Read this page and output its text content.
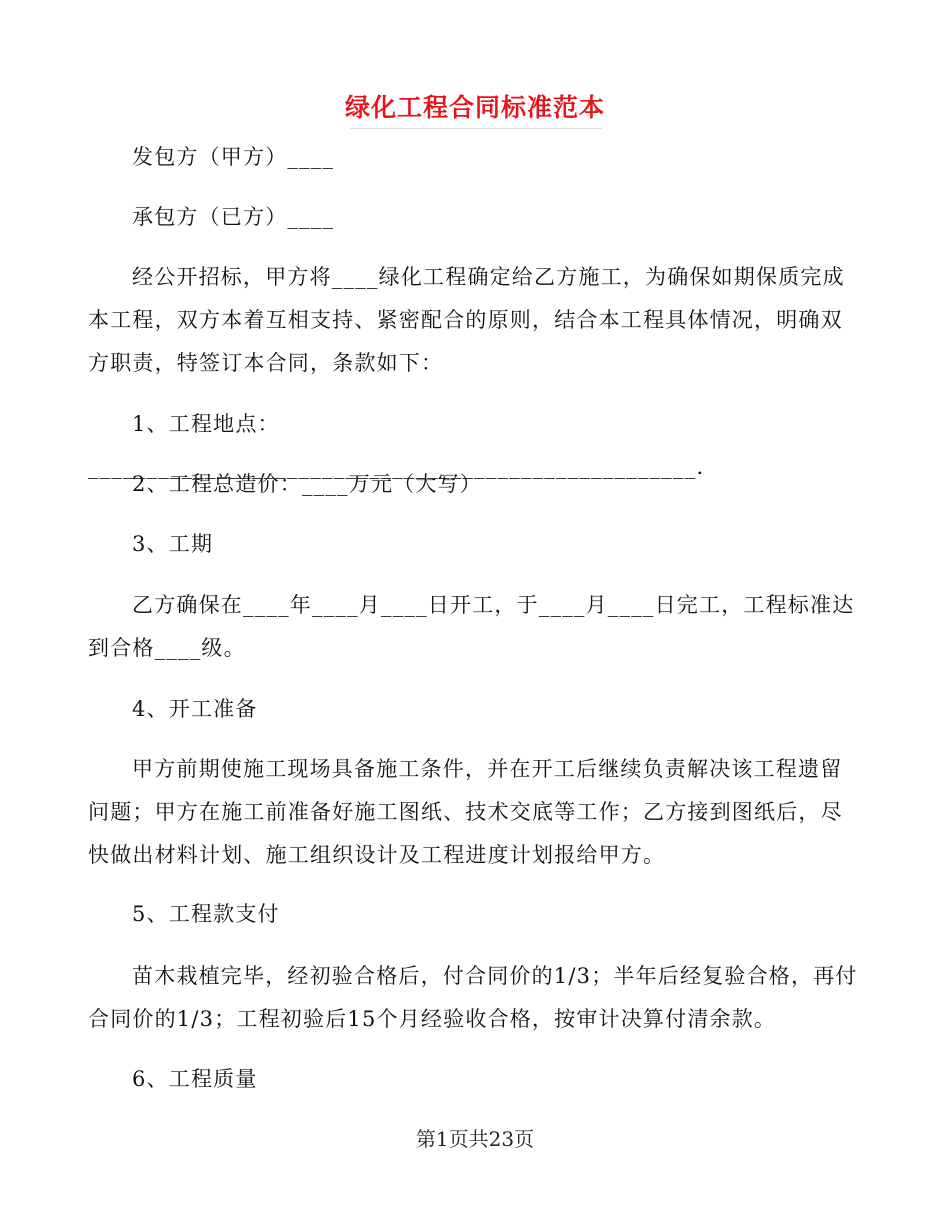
绿化工程合同标准范本

发包方（甲方）____

承包方（已方）____

经公开招标，甲方将____绿化工程确定给乙方施工，为确保如期保质完成本工程，双方本着互相支持、紧密配合的原则，结合本工程具体情况，明确双方职责，特签订本合同，条款如下：

1、工程地点：____________________________________________________.

2、工程总造价：____万元（大写）

3、工期

乙方确保在____年____月____日开工，于____月____日完工，工程标准达到合格____级。

4、开工准备

甲方前期使施工现场具备施工条件，并在开工后继续负责解决该工程遗留问题；甲方在施工前准备好施工图纸、技术交底等工作；乙方接到图纸后，尽快做出材料计划、施工组织设计及工程进度计划报给甲方。

5、工程款支付

苗木栽植完毕，经初验合格后，付合同价的1/3；半年后经复验合格，再付合同价的1/3；工程初验后15个月经验收合格，按审计决算付清余款。

6、工程质量

第1页共23页
